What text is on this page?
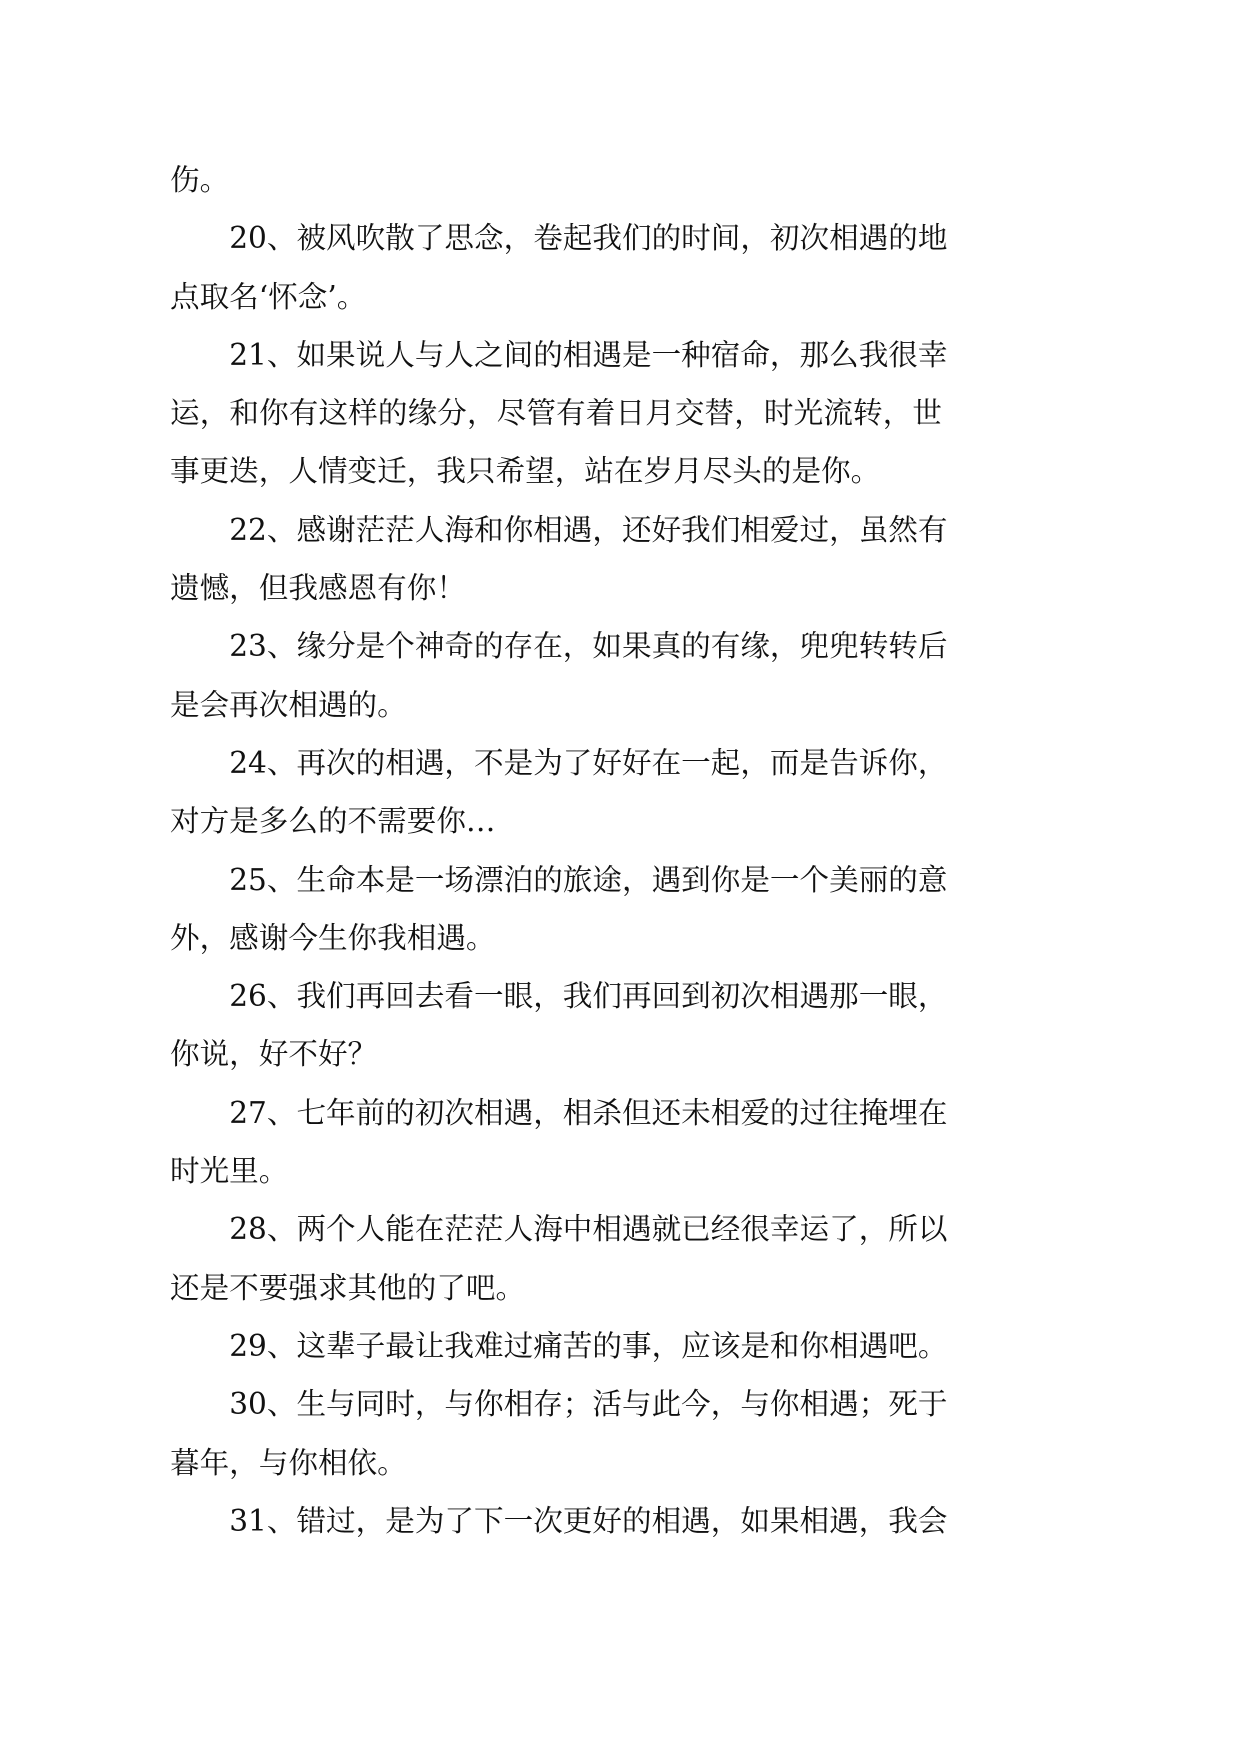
伤。
20、被风吹散了思念，卷起我们的时间，初次相遇的地
点取名‘怀念’。
21、如果说人与人之间的相遇是一种宿命，那么我很幸
运，和你有这样的缘分，尽管有着日月交替，时光流转，世
事更迭，人情变迁，我只希望，站在岁月尽头的是你。
22、感谢茫茫人海和你相遇，还好我们相爱过，虽然有
遗憾，但我感恩有你！
23、缘分是个神奇的存在，如果真的有缘，兜兜转转后
是会再次相遇的。
24、再次的相遇，不是为了好好在一起，而是告诉你，
对方是多么的不需要你…
25、生命本是一场漂泊的旅途，遇到你是一个美丽的意
外，感谢今生你我相遇。
26、我们再回去看一眼，我们再回到初次相遇那一眼，
你说，好不好？
27、七年前的初次相遇，相杀但还未相爱的过往掩埋在
时光里。
28、两个人能在茫茫人海中相遇就已经很幸运了，所以
还是不要强求其他的了吧。
29、这辈子最让我难过痛苦的事，应该是和你相遇吧。
30、生与同时，与你相存；活与此今，与你相遇；死于
暮年，与你相依。
31、错过，是为了下一次更好的相遇，如果相遇，我会
